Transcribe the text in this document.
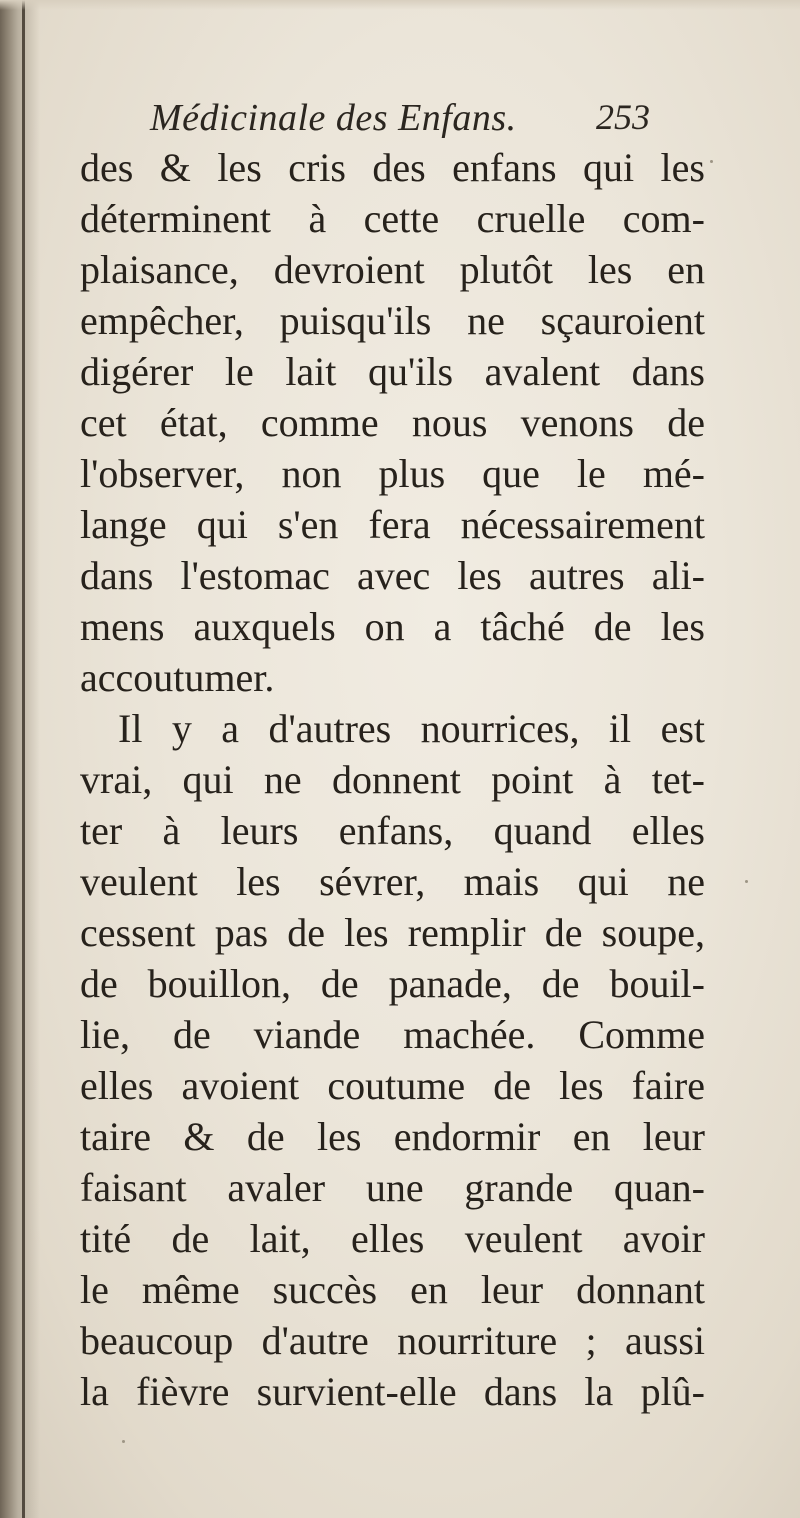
Médicinale des Enfans. 253
des & les cris des enfans qui les
déterminent à cette cruelle com-
plaisance, devroient plutôt les en
empêcher, puisqu'ils ne sçauroient
digérer le lait qu'ils avalent dans
cet état, comme nous venons de
l'observer, non plus que le mé-
lange qui s'en fera nécessairement
dans l'estomac avec les autres ali-
mens auxquels on a tâché de les
accoutumer.
Il y a d'autres nourrices, il est
vrai, qui ne donnent point à tet-
ter à leurs enfans, quand elles
veulent les sévrer, mais qui ne
cessent pas de les remplir de soupe,
de bouillon, de panade, de bouil-
lie, de viande machée. Comme
elles avoient coutume de les faire
taire & de les endormir en leur
faisant avaler une grande quan-
tité de lait, elles veulent avoir
le même succès en leur donnant
beaucoup d'autre nourriture ; aussi
la fièvre survient-elle dans la plû-
